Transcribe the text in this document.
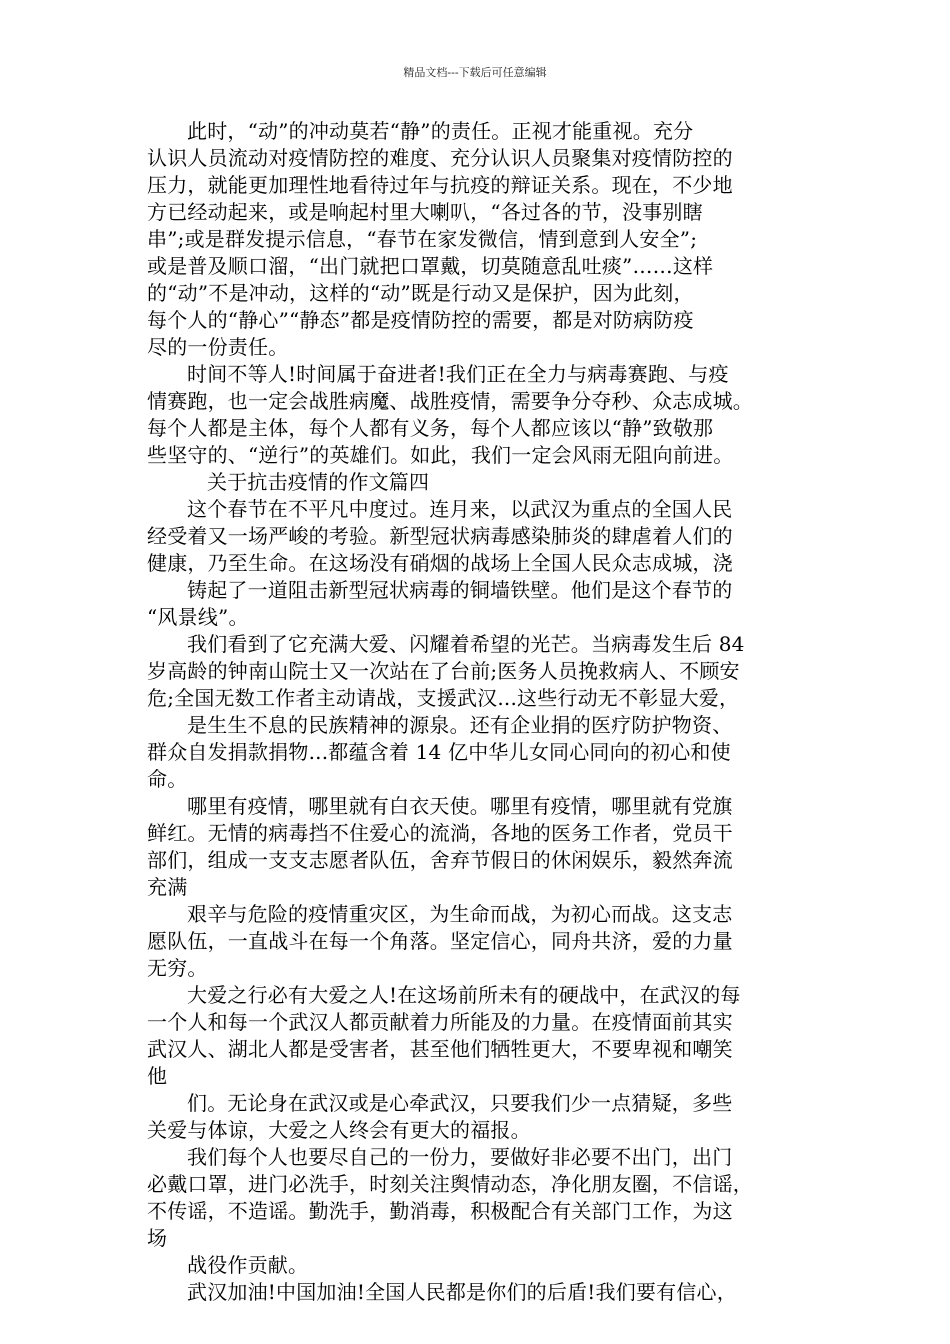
精品文档---下载后可任意编辑
此时，“动”的冲动莫若“静”的责任。正视才能重视。充分
认识人员流动对疫情防控的难度、充分认识人员聚集对疫情防控的
压力，就能更加理性地看待过年与抗疫的辩证关系。现在，不少地
方已经动起来，或是响起村里大喇叭，“各过各的节，没事别瞎
串”;或是群发提示信息，“春节在家发微信，情到意到人安全”;
或是普及顺口溜，“出门就把口罩戴，切莫随意乱吐痰”……这样
的“动”不是冲动，这样的“动”既是行动又是保护，因为此刻，
每个人的“静心”“静态”都是疫情防控的需要，都是对防病防疫
尽的一份责任。
时间不等人!时间属于奋进者!我们正在全力与病毒赛跑、与疫
情赛跑，也一定会战胜病魔、战胜疫情，需要争分夺秒、众志成城。
每个人都是主体，每个人都有义务，每个人都应该以“静”致敬那
些坚守的、“逆行”的英雄们。如此，我们一定会风雨无阻向前进。
关于抗击疫情的作文篇四
这个春节在不平凡中度过。连月来，以武汉为重点的全国人民
经受着又一场严峻的考验。新型冠状病毒感染肺炎的肆虐着人们的
健康，乃至生命。在这场没有硝烟的战场上全国人民众志成城，浇
铸起了一道阻击新型冠状病毒的铜墙铁壁。他们是这个春节的
“风景线”。
我们看到了它充满大爱、闪耀着希望的光芒。当病毒发生后 84
岁高龄的钟南山院士又一次站在了台前;医务人员挽救病人、不顾安
危;全国无数工作者主动请战，支援武汉...这些行动无不彰显大爱，
是生生不息的民族精神的源泉。还有企业捐的医疗防护物资、
群众自发捐款捐物...都蕴含着 14 亿中华儿女同心同向的初心和使
命。
哪里有疫情，哪里就有白衣天使。哪里有疫情，哪里就有党旗
鲜红。无情的病毒挡不住爱心的流淌，各地的医务工作者，党员干
部们，组成一支支志愿者队伍，舍弃节假日的休闲娱乐，毅然奔流
充满
艰辛与危险的疫情重灾区，为生命而战，为初心而战。这支志
愿队伍，一直战斗在每一个角落。坚定信心，同舟共济，爱的力量
无穷。
大爱之行必有大爱之人!在这场前所未有的硬战中，在武汉的每
一个人和每一个武汉人都贡献着力所能及的力量。在疫情面前其实
武汉人、湖北人都是受害者，甚至他们牺牲更大，不要卑视和嘲笑
他
们。无论身在武汉或是心牵武汉，只要我们少一点猜疑，多些
关爱与体谅，大爱之人终会有更大的福报。
我们每个人也要尽自己的一份力，要做好非必要不出门，出门
必戴口罩，进门必洗手，时刻关注舆情动态，净化朋友圈，不信谣，
不传谣，不造谣。勤洗手，勤消毒，积极配合有关部门工作，为这
场
战役作贡献。
武汉加油!中国加油!全国人民都是你们的后盾!我们要有信心，
